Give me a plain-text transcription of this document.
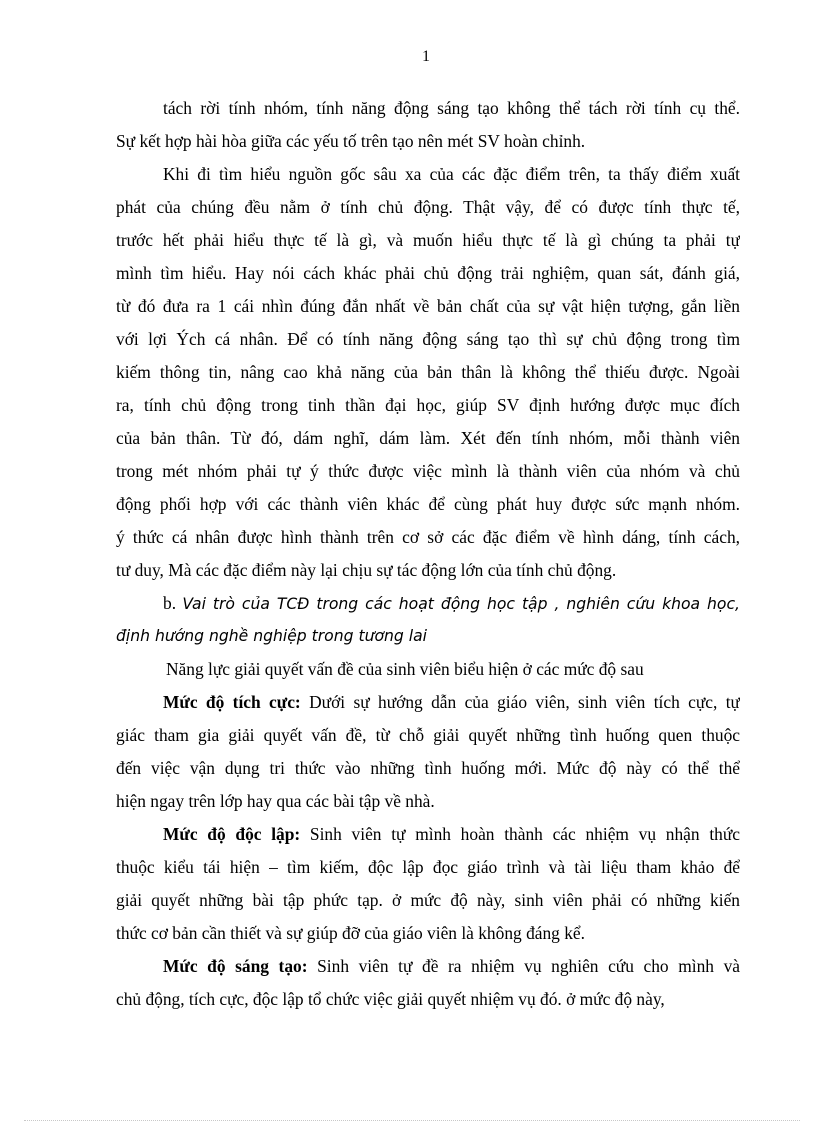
1
tách rời tính nhóm, tính năng động sáng tạo không thể tách rời tính cụ thể.
Sự kết hợp hài hòa giữa các yếu tố trên tạo nên mét SV hoàn chỉnh.
Khi đi tìm hiểu nguồn gốc sâu xa của các đặc điểm trên, ta thấy điểm xuất
phát của chúng đều nằm ở tính chủ động. Thật vậy, để có được tính thực tế,
trước hết phải hiểu thực tế là gì, và muốn hiểu thực tế là gì chúng ta phải tự
mình tìm hiểu. Hay nói cách khác phải chủ động trải nghiệm, quan sát, đánh giá,
từ đó đưa ra 1 cái nhìn đúng đắn nhất về bản chất của sự vật hiện tượng, gắn liền
với lợi Ých cá nhân. Để có tính năng động sáng tạo thì sự chủ động trong tìm
kiếm thông tin, nâng cao khả năng của bản thân là không thể thiếu được. Ngoài
ra, tính chủ động trong tinh thần đại học, giúp SV định hướng được mục đích
của bản thân. Từ đó, dám nghĩ, dám làm. Xét đến tính nhóm, mỗi thành viên
trong mét nhóm phải tự ý thức được việc mình là thành viên của nhóm và chủ
động phối hợp với các thành viên khác để cùng phát huy được sức mạnh nhóm.
ý thức cá nhân được hình thành trên cơ sở các đặc điểm về hình dáng, tính cách,
tư duy, Mà các đặc điểm này lại chịu sự tác động lớn của tính chủ động.
b. Vai trò của TCĐ trong các hoạt động học tập , nghiên cứu khoa học,
định hướng nghề nghiệp trong tương lai
Năng lực giải quyết vấn đề của sinh viên biểu hiện ở các mức độ sau
Mức độ tích cực: Dưới sự hướng dẫn của giáo viên, sinh viên tích cực, tự
giác tham gia giải quyết vấn đề, từ chỗ giải quyết những tình huống quen thuộc
đến việc vận dụng tri thức vào những tình huống mới. Mức độ này có thể thể
hiện ngay trên lớp hay qua các bài tập về nhà.
Mức độ độc lập: Sinh viên tự mình hoàn thành các nhiệm vụ nhận thức
thuộc kiểu tái hiện – tìm kiếm, độc lập đọc giáo trình và tài liệu tham khảo để
giải quyết những bài tập phức tạp. ở mức độ này, sinh viên phải có những kiến
thức cơ bản cần thiết và sự giúp đỡ của giáo viên là không đáng kể.
Mức độ sáng tạo: Sinh viên tự đề ra nhiệm vụ nghiên cứu cho mình và
chủ động, tích cực, độc lập tổ chức việc giải quyết nhiệm vụ đó. ở mức độ này,
